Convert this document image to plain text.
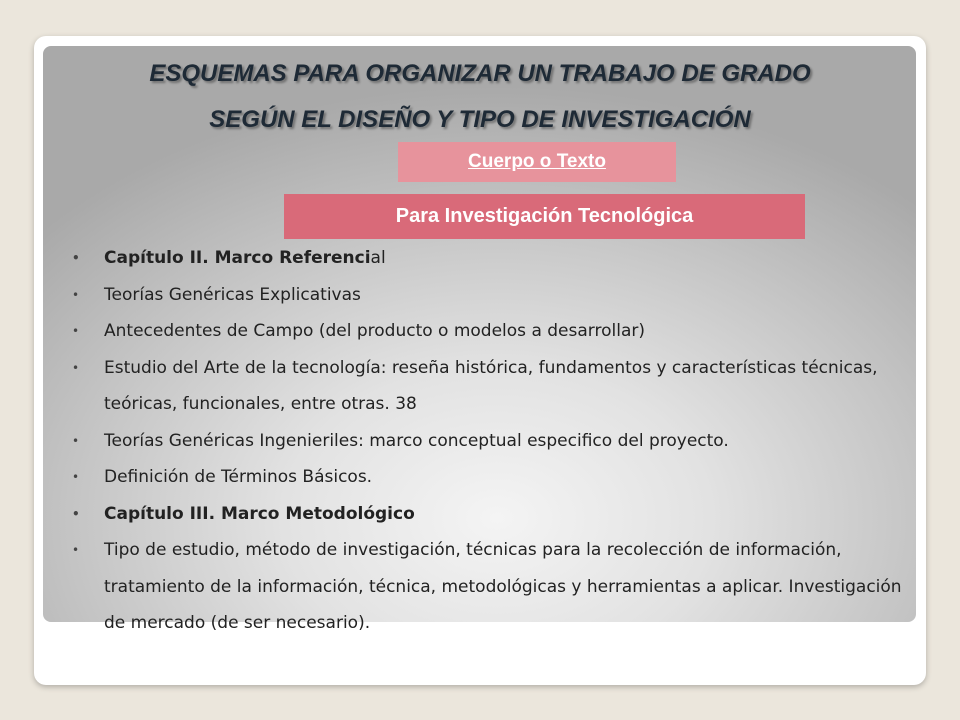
ESQUEMAS PARA ORGANIZAR UN TRABAJO DE GRADO
SEGÚN EL DISEÑO Y TIPO DE INVESTIGACIÓN
Cuerpo o Texto
Para Investigación Tecnológica
• Capítulo II. Marco Referencial
• Teorías Genéricas Explicativas
• Antecedentes de Campo (del producto o modelos a desarrollar)
• Estudio del Arte de la tecnología: reseña histórica, fundamentos y características técnicas, teóricas, funcionales, entre otras. 38
• Teorías Genéricas Ingenieriles: marco conceptual especifico del proyecto.
• Definición de Términos Básicos.
• Capítulo III. Marco Metodológico
• Tipo de estudio, método de investigación, técnicas para la recolección de información, tratamiento de la información, técnica, metodológicas y herramientas a aplicar. Investigación de mercado (de ser necesario).
